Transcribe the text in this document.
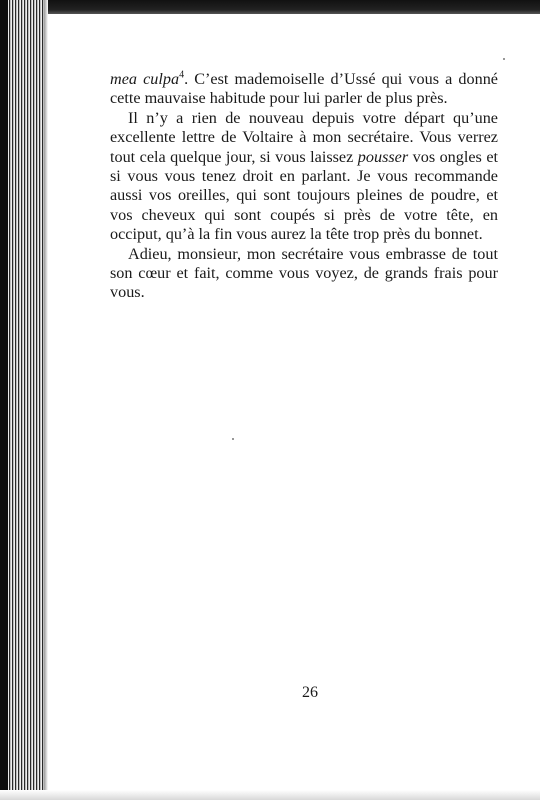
mea culpa$^4$. C’est mademoiselle d’Ussé qui vous a donné cette mauvaise habitude pour lui parler de plus près.

Il n’y a rien de nouveau depuis votre départ qu’une excellente lettre de Voltaire à mon secrétaire. Vous verrez tout cela quelque jour, si vous laissez pousser vos ongles et si vous vous tenez droit en parlant. Je vous recommande aussi vos oreilles, qui sont toujours pleines de poudre, et vos cheveux qui sont coupés si près de votre tête, en occiput, qu’à la fin vous aurez la tête trop près du bonnet.

Adieu, monsieur, mon secrétaire vous embrasse de tout son cœur et fait, comme vous voyez, de grands frais pour vous.

26
